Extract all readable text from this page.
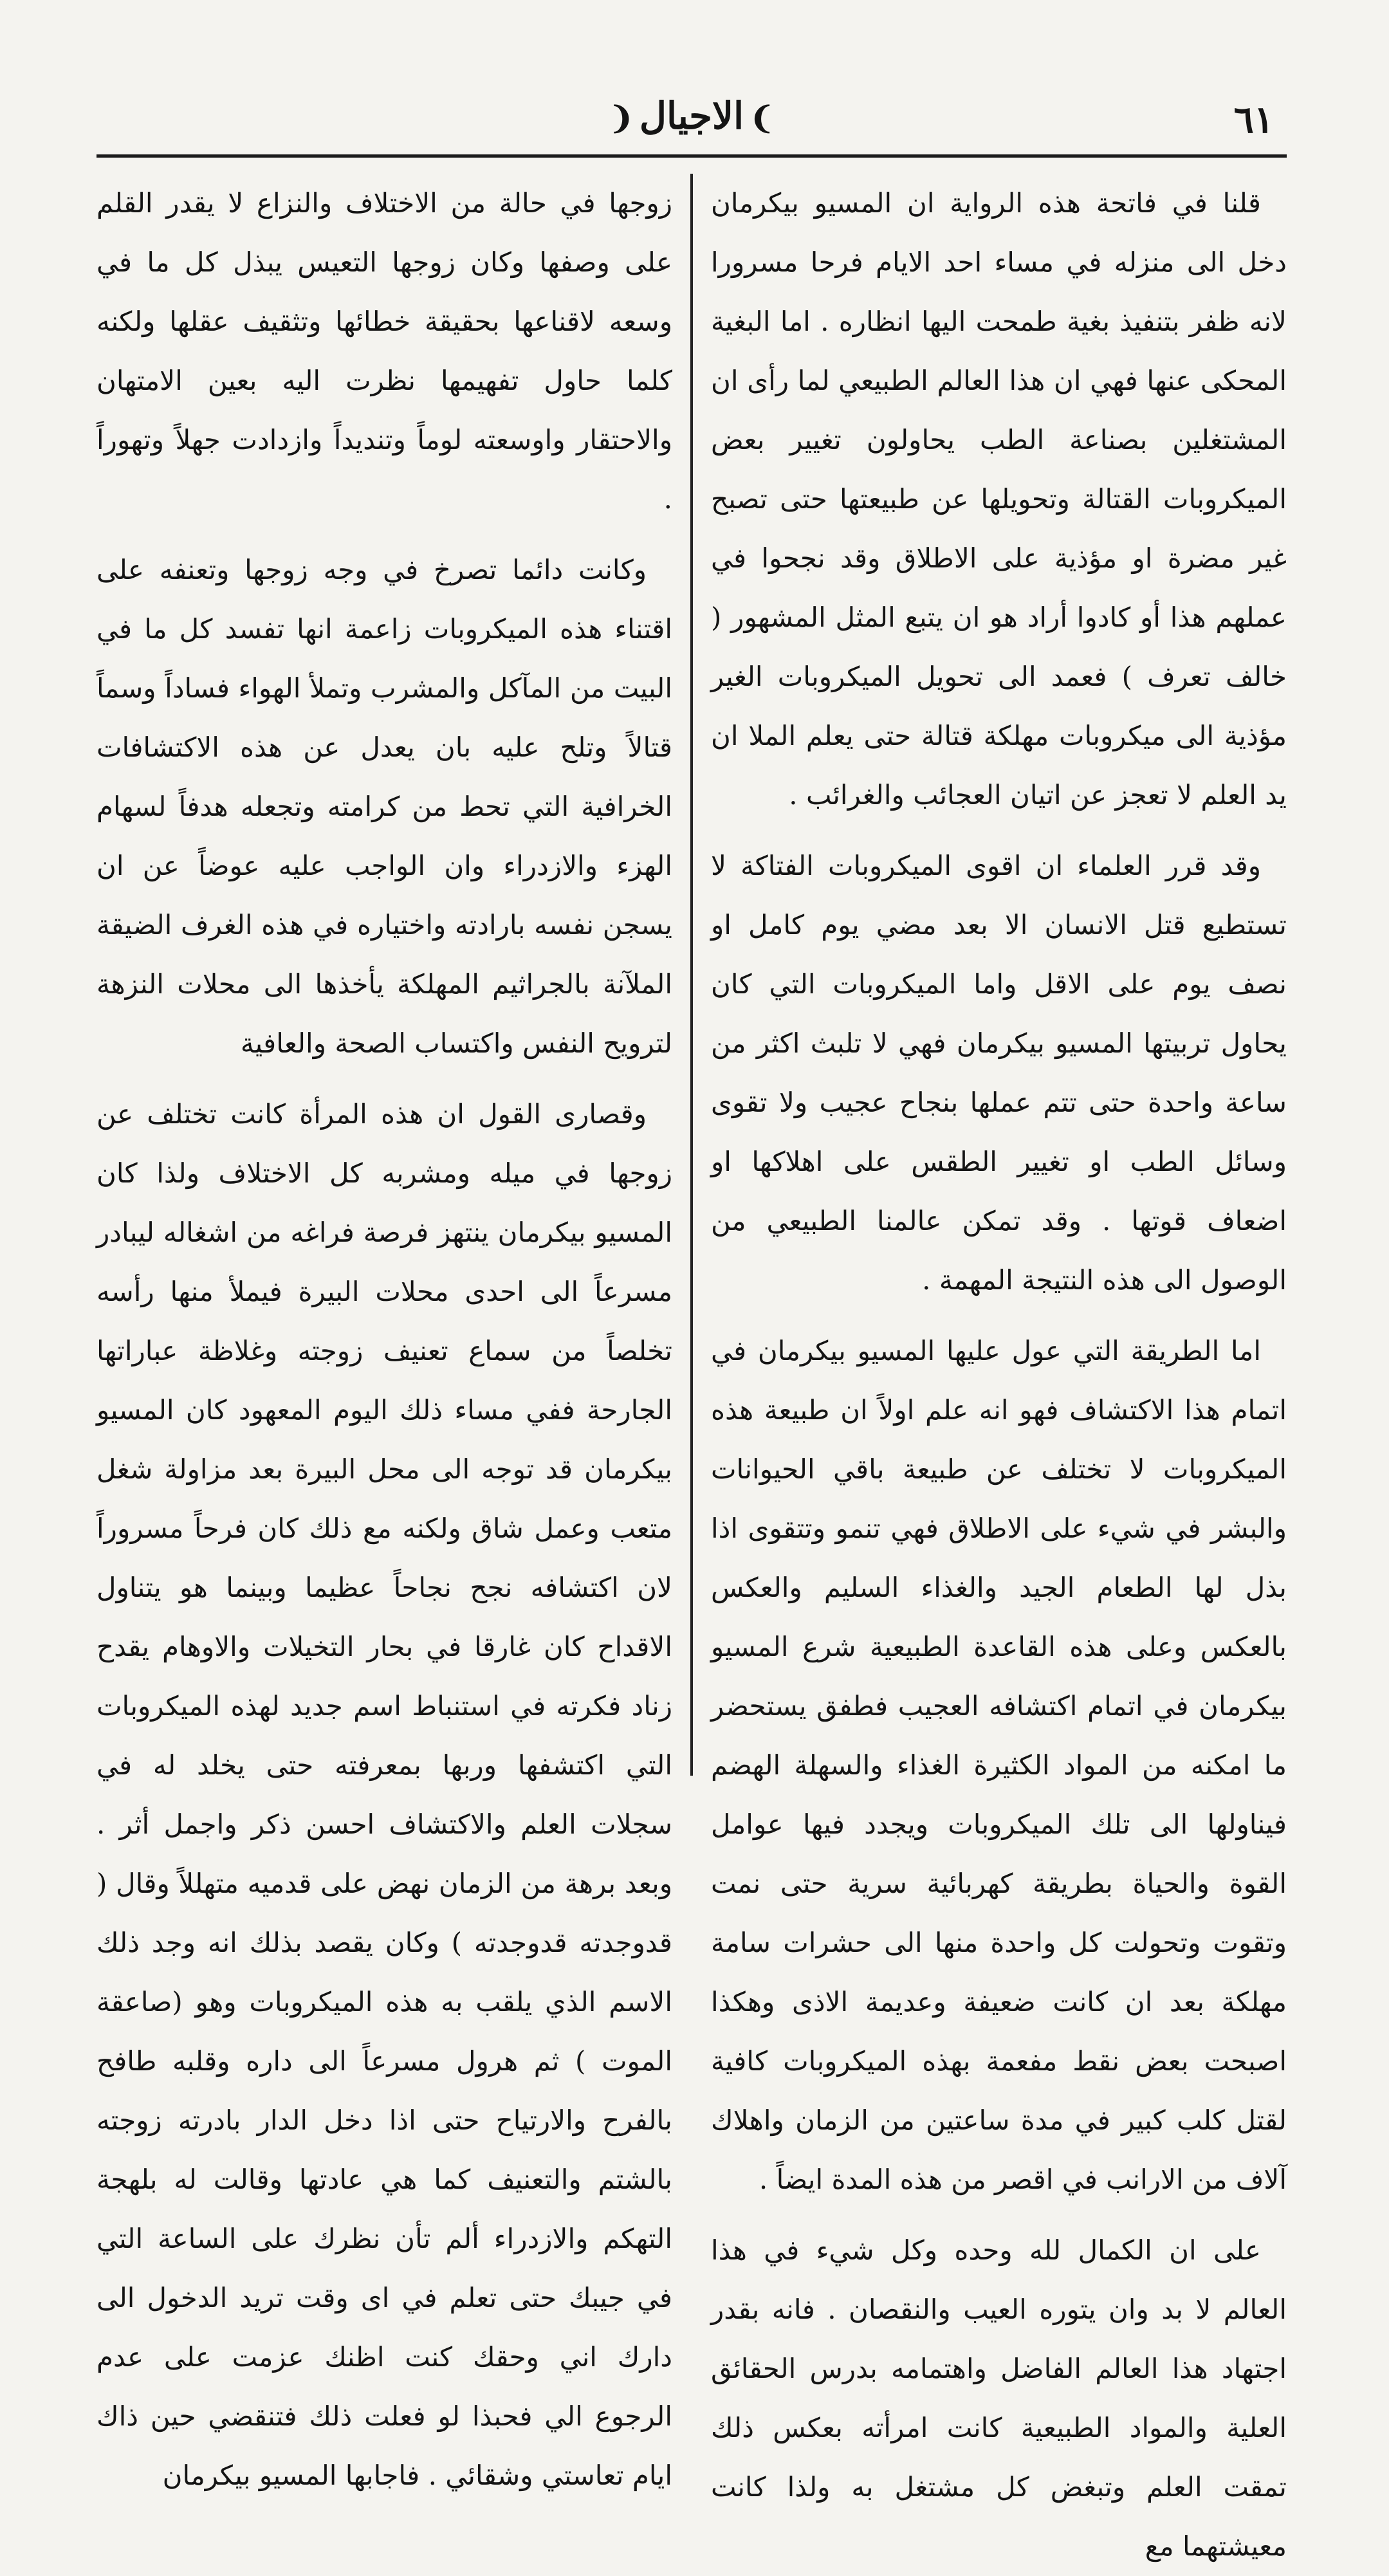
٦١
❩الاجيال❨

قلنا في فاتحة هذه الرواية ان المسيو بيكرمان دخل الى منزله في مساء احد الايام فرحا مسرورا لانه ظفر بتنفيذ بغية طمحت اليها انظاره . اما البغية المحكى عنها فهي ان هذا العالم الطبيعي لما رأى ان المشتغلين بصناعة الطب يحاولون تغيير بعض الميكروبات القتالة وتحويلها عن طبيعتها حتى تصبح غير مضرة او مؤذية على الاطلاق وقد نجحوا في عملهم هذا أو كادوا أراد هو ان يتبع المثل المشهور ( خالف تعرف ) فعمد الى تحويل الميكروبات الغير مؤذية الى ميكروبات مهلكة قتالة حتى يعلم الملا ان يد العلم لا تعجز عن اتيان العجائب والغرائب .

وقد قرر العلماء ان اقوى الميكروبات الفتاكة لا تستطيع قتل الانسان الا بعد مضي يوم كامل او نصف يوم على الاقل واما الميكروبات التي كان يحاول تربيتها المسيو بيكرمان فهي لا تلبث اكثر من ساعة واحدة حتى تتم عملها بنجاح عجيب ولا تقوى وسائل الطب او تغيير الطقس على اهلاكها او اضعاف قوتها . وقد تمكن عالمنا الطبيعي من الوصول الى هذه النتيجة المهمة .

اما الطريقة التي عول عليها المسيو بيكرمان في اتمام هذا الاكتشاف فهو انه علم اولاً ان طبيعة هذه الميكروبات لا تختلف عن طبيعة باقي الحيوانات والبشر في شيء على الاطلاق فهي تنمو وتتقوى اذا بذل لها الطعام الجيد والغذاء السليم والعكس بالعكس وعلى هذه القاعدة الطبيعية شرع المسيو بيكرمان في اتمام اكتشافه العجيب فطفق يستحضر ما امكنه من المواد الكثيرة الغذاء والسهلة الهضم فيناولها الى تلك الميكروبات ويجدد فيها عوامل القوة والحياة بطريقة كهربائية سرية حتى نمت وتقوت وتحولت كل واحدة منها الى حشرات سامة مهلكة بعد ان كانت ضعيفة وعديمة الاذى وهكذا اصبحت بعض نقط مفعمة بهذه الميكروبات كافية لقتل كلب كبير في مدة ساعتين من الزمان واهلاك آلاف من الارانب في اقصر من هذه المدة ايضاً .

على ان الكمال لله وحده وكل شيء في هذا العالم لا بد وان يتوره العيب والنقصان . فانه بقدر اجتهاد هذا العالم الفاضل واهتمامه بدرس الحقائق العلية والمواد الطبيعية كانت امرأته بعكس ذلك تمقت العلم وتبغض كل مشتغل به ولذا كانت معيشتهما مع

زوجها في حالة من الاختلاف والنزاع لا يقدر القلم على وصفها وكان زوجها التعيس يبذل كل ما في وسعه لاقناعها بحقيقة خطائها وتثقيف عقلها ولكنه كلما حاول تفهيمها نظرت اليه بعين الامتهان والاحتقار واوسعته لوماً وتنديداً وازدادت جهلاً وتهوراً .

وكانت دائما تصرخ في وجه زوجها وتعنفه على اقتناء هذه الميكروبات زاعمة انها تفسد كل ما في البيت من المآكل والمشرب وتملأ الهواء فساداً وسماً قتالاً وتلح عليه بان يعدل عن هذه الاكتشافات الخرافية التي تحط من كرامته وتجعله هدفاً لسهام الهزء والازدراء وان الواجب عليه عوضاً عن ان يسجن نفسه بارادته واختياره في هذه الغرف الضيقة الملآنة بالجراثيم المهلكة يأخذها الى محلات النزهة لترويح النفس واكتساب الصحة والعافية

وقصارى القول ان هذه المرأة كانت تختلف عن زوجها في ميله ومشربه كل الاختلاف ولذا كان المسيو بيكرمان ينتهز فرصة فراغه من اشغاله ليبادر مسرعاً الى احدى محلات البيرة فيملأ منها رأسه تخلصاً من سماع تعنيف زوجته وغلاظة عباراتها الجارحة ففي مساء ذلك اليوم المعهود كان المسيو بيكرمان قد توجه الى محل البيرة بعد مزاولة شغل متعب وعمل شاق ولكنه مع ذلك كان فرحاً مسروراً لان اكتشافه نجح نجاحاً عظيما وبينما هو يتناول الاقداح كان غارقا في بحار التخيلات والاوهام يقدح زناد فكرته في استنباط اسم جديد لهذه الميكروبات التي اكتشفها وربها بمعرفته حتى يخلد له في سجلات العلم والاكتشاف احسن ذكر واجمل أثر . وبعد برهة من الزمان نهض على قدميه متهللاً وقال ( قدوجدته قدوجدته ) وكان يقصد بذلك انه وجد ذلك الاسم الذي يلقب به هذه الميكروبات وهو (صاعقة الموت ) ثم هرول مسرعاً الى داره وقلبه طافح بالفرح والارتياح حتى اذا دخل الدار بادرته زوجته بالشتم والتعنيف كما هي عادتها وقالت له بلهجة التهكم والازدراء ألم تأن نظرك على الساعة التي في جيبك حتى تعلم في اى وقت تريد الدخول الى دارك اني وحقك كنت اظنك عزمت على عدم الرجوع الي فحبذا لو فعلت ذلك فتنقضي حين ذاك ايام تعاستي وشقائي . فاجابها المسيو بيكرمان
